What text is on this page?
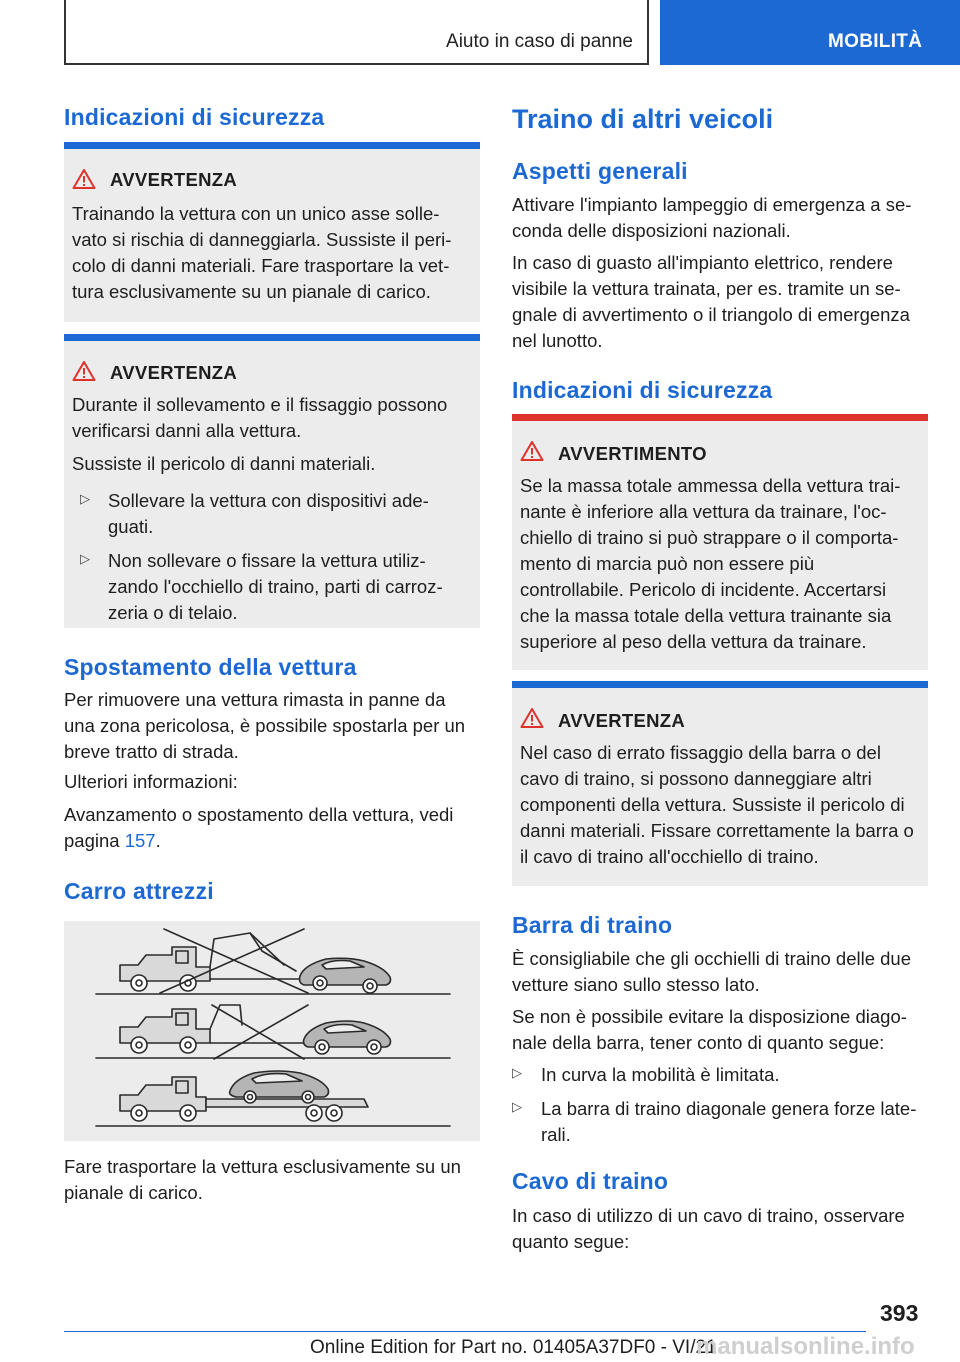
Aiuto in caso di panne	MOBILITÀ
Indicazioni di sicurezza
AVVERTENZA
Trainando la vettura con un unico asse solle-
vato si rischia di danneggiarla. Sussiste il peri-
colo di danni materiali. Fare trasportare la vet-
tura esclusivamente su un pianale di carico.
AVVERTENZA
Durante il sollevamento e il fissaggio possono
verificarsi danni alla vettura.
Sussiste il pericolo di danni materiali.
▷ Sollevare la vettura con dispositivi ade-
guati.
▷ Non sollevare o fissare la vettura utiliz-
zando l'occhiello di traino, parti di carroz-
zeria o di telaio.
Spostamento della vettura
Per rimuovere una vettura rimasta in panne da
una zona pericolosa, è possibile spostarla per un
breve tratto di strada.
Ulteriori informazioni:
Avanzamento o spostamento della vettura, vedi
pagina 157.
Carro attrezzi
Fare trasportare la vettura esclusivamente su un
pianale di carico.
Traino di altri veicoli
Aspetti generali
Attivare l'impianto lampeggio di emergenza a se-
conda delle disposizioni nazionali.
In caso di guasto all'impianto elettrico, rendere
visibile la vettura trainata, per es. tramite un se-
gnale di avvertimento o il triangolo di emergenza
nel lunotto.
Indicazioni di sicurezza
AVVERTIMENTO
Se la massa totale ammessa della vettura trai-
nante è inferiore alla vettura da trainare, l'oc-
chiello di traino si può strappare o il comporta-
mento di marcia può non essere più
controllabile. Pericolo di incidente. Accertarsi
che la massa totale della vettura trainante sia
superiore al peso della vettura da trainare.
AVVERTENZA
Nel caso di errato fissaggio della barra o del
cavo di traino, si possono danneggiare altri
componenti della vettura. Sussiste il pericolo di
danni materiali. Fissare correttamente la barra o
il cavo di traino all'occhiello di traino.
Barra di traino
È consigliabile che gli occhielli di traino delle due
vetture siano sullo stesso lato.
Se non è possibile evitare la disposizione diago-
nale della barra, tener conto di quanto segue:
▷ In curva la mobilità è limitata.
▷ La barra di traino diagonale genera forze late-
rali.
Cavo di traino
In caso di utilizzo di un cavo di traino, osservare
quanto segue:
393
Online Edition for Part no. 01405A37DF0 - VI/21
manualsonline.info
